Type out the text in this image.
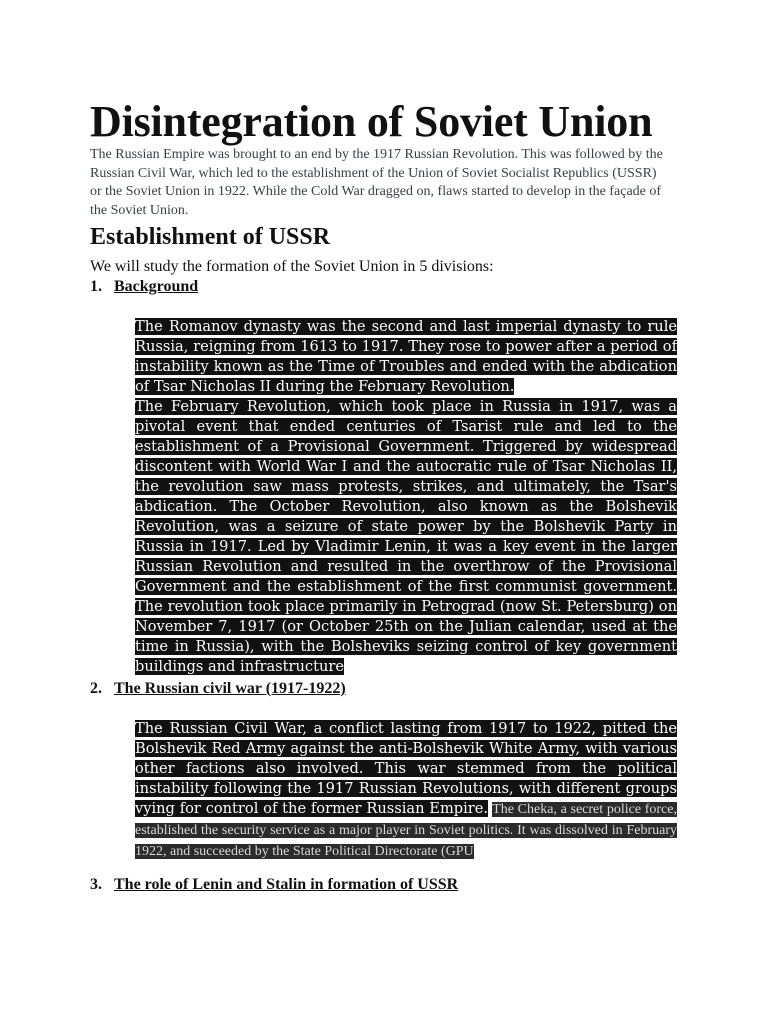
Disintegration of Soviet Union

The Russian Empire was brought to an end by the 1917 Russian Revolution. This was followed by the Russian Civil War, which led to the establishment of the Union of Soviet Socialist Republics (USSR) or the Soviet Union in 1922. While the Cold War dragged on, flaws started to develop in the façade of the Soviet Union.

Establishment of USSR

We will study the formation of the Soviet Union in 5 divisions:

1. Background

The Romanov dynasty was the second and last imperial dynasty to rule Russia, reigning from 1613 to 1917. They rose to power after a period of instability known as the Time of Troubles and ended with the abdication of Tsar Nicholas II during the February Revolution.

The February Revolution, which took place in Russia in 1917, was a pivotal event that ended centuries of Tsarist rule and led to the establishment of a Provisional Government. Triggered by widespread discontent with World War I and the autocratic rule of Tsar Nicholas II, the revolution saw mass protests, strikes, and ultimately, the Tsar's abdication. The October Revolution, also known as the Bolshevik Revolution, was a seizure of state power by the Bolshevik Party in Russia in 1917. Led by Vladimir Lenin, it was a key event in the larger Russian Revolution and resulted in the overthrow of the Provisional Government and the establishment of the first communist government. The revolution took place primarily in Petrograd (now St. Petersburg) on November 7, 1917 (or October 25th on the Julian calendar, used at the time in Russia), with the Bolsheviks seizing control of key government buildings and infrastructure

2. The Russian civil war (1917-1922)

The Russian Civil War, a conflict lasting from 1917 to 1922, pitted the Bolshevik Red Army against the anti-Bolshevik White Army, with various other factions also involved. This war stemmed from the political instability following the 1917 Russian Revolutions, with different groups vying for control of the former Russian Empire. The Cheka, a secret police force, established the security service as a major player in Soviet politics. It was dissolved in February 1922, and succeeded by the State Political Directorate (GPU

3. The role of Lenin and Stalin in formation of USSR
